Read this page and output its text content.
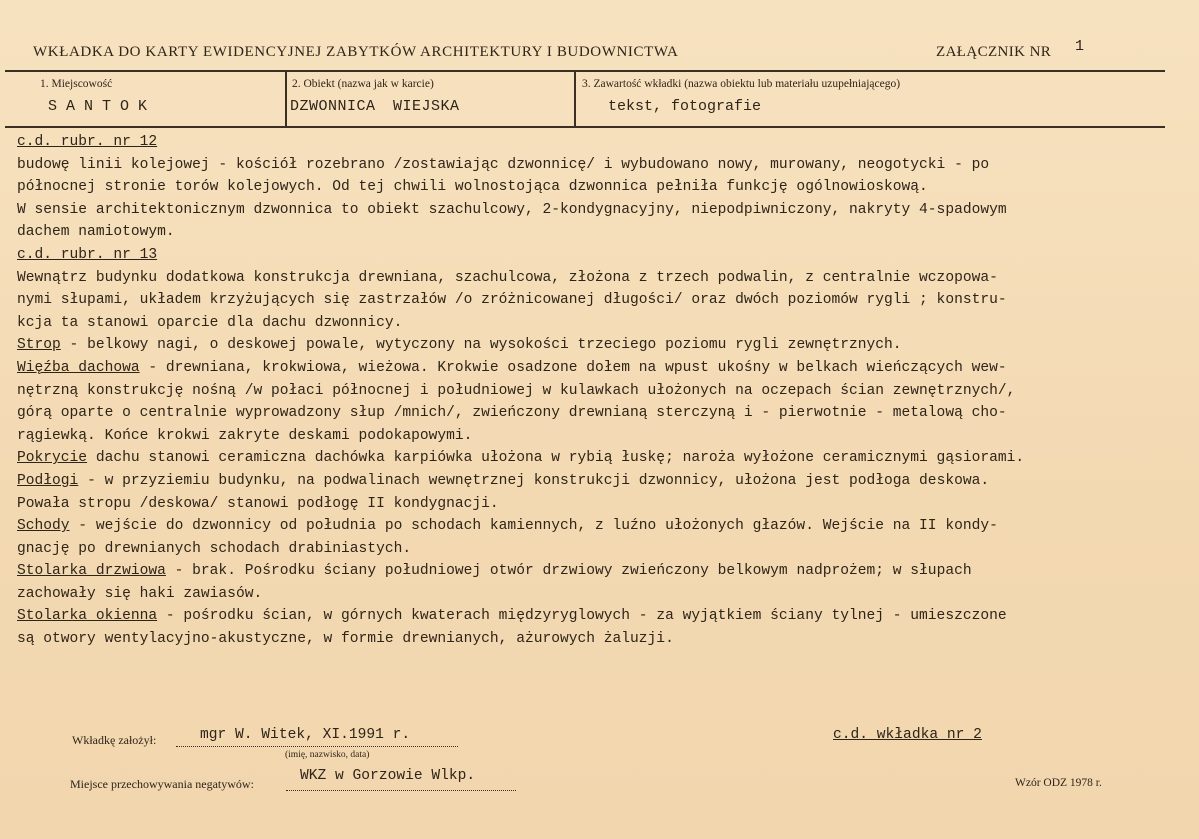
WKŁADKA DO KARTY EWIDENCYJNEJ ZABYTKÓW ARCHITEKTURY I BUDOWNICTWA	ZAŁĄCZNIK NR 1
1. Miejscowość
SANTOK
2. Obiekt (nazwa jak w karcie)
DZWONNICA WIEJSKA
3. Zawartość wkładki (nazwa obiektu lub materiału uzupełniającego)
tekst, fotografie
c.d. rubr. nr 12
budowę linii kolejowej - kościół rozebrano /zostawiając dzwonnicę/ i wybudowano nowy, murowany, neogotycki - po
północnej stronie torów kolejowych. Od tej chwili wolnostojąca dzwonnica pełniła funkcję ogólnowioskową.
W sensie architektonicznym dzwonnica to obiekt szachulcowy, 2-kondygnacyjny, niepodpiwniczony, nakryty 4-spadowym
dachem namiotowym.
c.d. rubr. nr 13
Wewnątrz budynku dodatkowa konstrukcja drewniana, szachulcowa, złożona z trzech podwalin, z centralnie wczopowa-
nymi słupami, układem krzyżujących się zastrzałów /o zróżnicowanej długości/ oraz dwóch poziomów rygli ; konstru-
kcja ta stanowi oparcie dla dachu dzwonnicy.
Strop - belkowy nagi, o deskowej powale, wytyczony na wysokości trzeciego poziomu rygli zewnętrznych.
Więźba dachowa - drewniana, krokwiowa, wieżowa. Krokwie osadzone dołem na wpust ukośny w belkach wieńczących wew-
nętrzną konstrukcję nośną /w połaci północnej i południowej w kulawkach ułożonych na oczepach ścian zewnętrznych/,
górą oparte o centralnie wyprowadzony słup /mnich/, zwieńczony drewnianą sterczyną i - pierwotnie - metalową cho-
rągiewką. Końce krokwi zakryte deskami podokapowymi.
Pokrycie dachu stanowi ceramiczna dachówka karpiówka ułożona w rybią łuskę; naroża wyłożone ceramicznymi gąsiorami.
Podłogi - w przyziemiu budynku, na podwalinach wewnętrznej konstrukcji dzwonnicy, ułożona jest podłoga deskowa.
Powała stropu /deskowa/ stanowi podłogę II kondygnacji.
Schody - wejście do dzwonnicy od południa po schodach kamiennych, z luźno ułożonych głazów. Wejście na II kondy-
gnację po drewnianych schodach drabiniastych.
Stolarka drzwiowa - brak. Pośrodku ściany południowej otwór drzwiowy zwieńczony belkowym nadprożem; w słupach
zachowały się haki zawiasów.
Stolarka okienna - pośrodku ścian, w górnych kwaterach międzyryglowych - za wyjątkiem ściany tylnej - umieszczone
są otwory wentylacyjno-akustyczne, w formie drewnianych, ażurowych żaluzji.
Wkładkę założył:	mgr W. Witek, XI.1991 r.
(imię, nazwisko, data)
c.d. wkładka nr 2
Miejsce przechowywania negatywów:	WKZ w Gorzowie Wlkp.	Wzór ODZ 1978 r.
